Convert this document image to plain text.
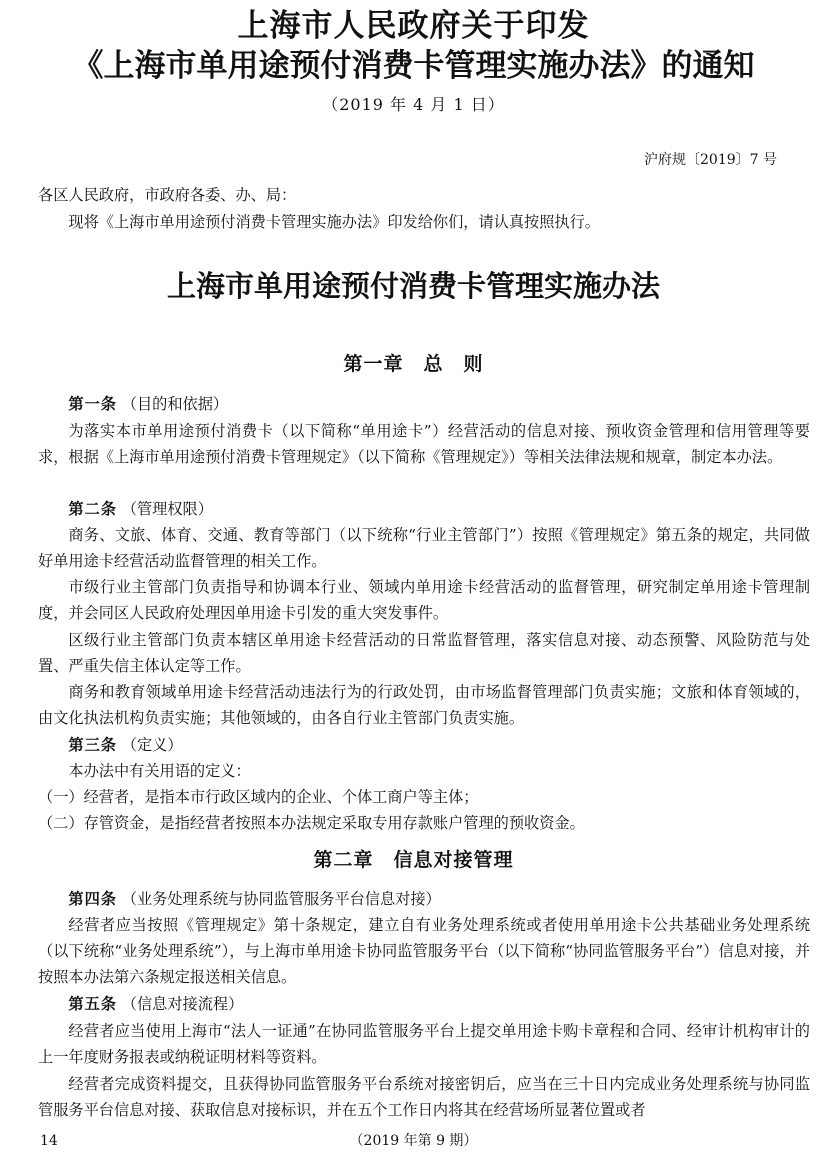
上海市人民政府关于印发
《上海市单用途预付消费卡管理实施办法》的通知
（2019 年 4 月 1 日）
沪府规〔2019〕7 号
各区人民政府，市政府各委、办、局：
现将《上海市单用途预付消费卡管理实施办法》印发给你们，请认真按照执行。
上海市单用途预付消费卡管理实施办法
第一章　总　则
第一条 （目的和依据）
为落实本市单用途预付消费卡（以下简称“单用途卡”）经营活动的信息对接、预收资金管理和信用管理等要求，根据《上海市单用途预付消费卡管理规定》（以下简称《管理规定》）等相关法律法规和规章，制定本办法。
第二条 （管理权限）
商务、文旅、体育、交通、教育等部门（以下统称“行业主管部门”）按照《管理规定》第五条的规定，共同做好单用途卡经营活动监督管理的相关工作。
市级行业主管部门负责指导和协调本行业、领域内单用途卡经营活动的监督管理，研究制定单用途卡管理制度，并会同区人民政府处理因单用途卡引发的重大突发事件。
区级行业主管部门负责本辖区单用途卡经营活动的日常监督管理，落实信息对接、动态预警、风险防范与处置、严重失信主体认定等工作。
商务和教育领域单用途卡经营活动违法行为的行政处罚，由市场监督管理部门负责实施；文旅和体育领域的，由文化执法机构负责实施；其他领域的，由各自行业主管部门负责实施。
第三条 （定义）
本办法中有关用语的定义：
（一）经营者，是指本市行政区域内的企业、个体工商户等主体；
（二）存管资金，是指经营者按照本办法规定采取专用存款账户管理的预收资金。
第二章　信息对接管理
第四条 （业务处理系统与协同监管服务平台信息对接）
经营者应当按照《管理规定》第十条规定，建立自有业务处理系统或者使用单用途卡公共基础业务处理系统（以下统称“业务处理系统”），与上海市单用途卡协同监管服务平台（以下简称“协同监管服务平台”）信息对接，并按照本办法第六条规定报送相关信息。
第五条 （信息对接流程）
经营者应当使用上海市“法人一证通”在协同监管服务平台上提交单用途卡购卡章程和合同、经审计机构审计的上一年度财务报表或纳税证明材料等资料。
经营者完成资料提交，且获得协同监管服务平台系统对接密钥后，应当在三十日内完成业务处理系统与协同监管服务平台信息对接、获取信息对接标识，并在五个工作日内将其在经营场所显著位置或者
14	（2019 年第 9 期）
